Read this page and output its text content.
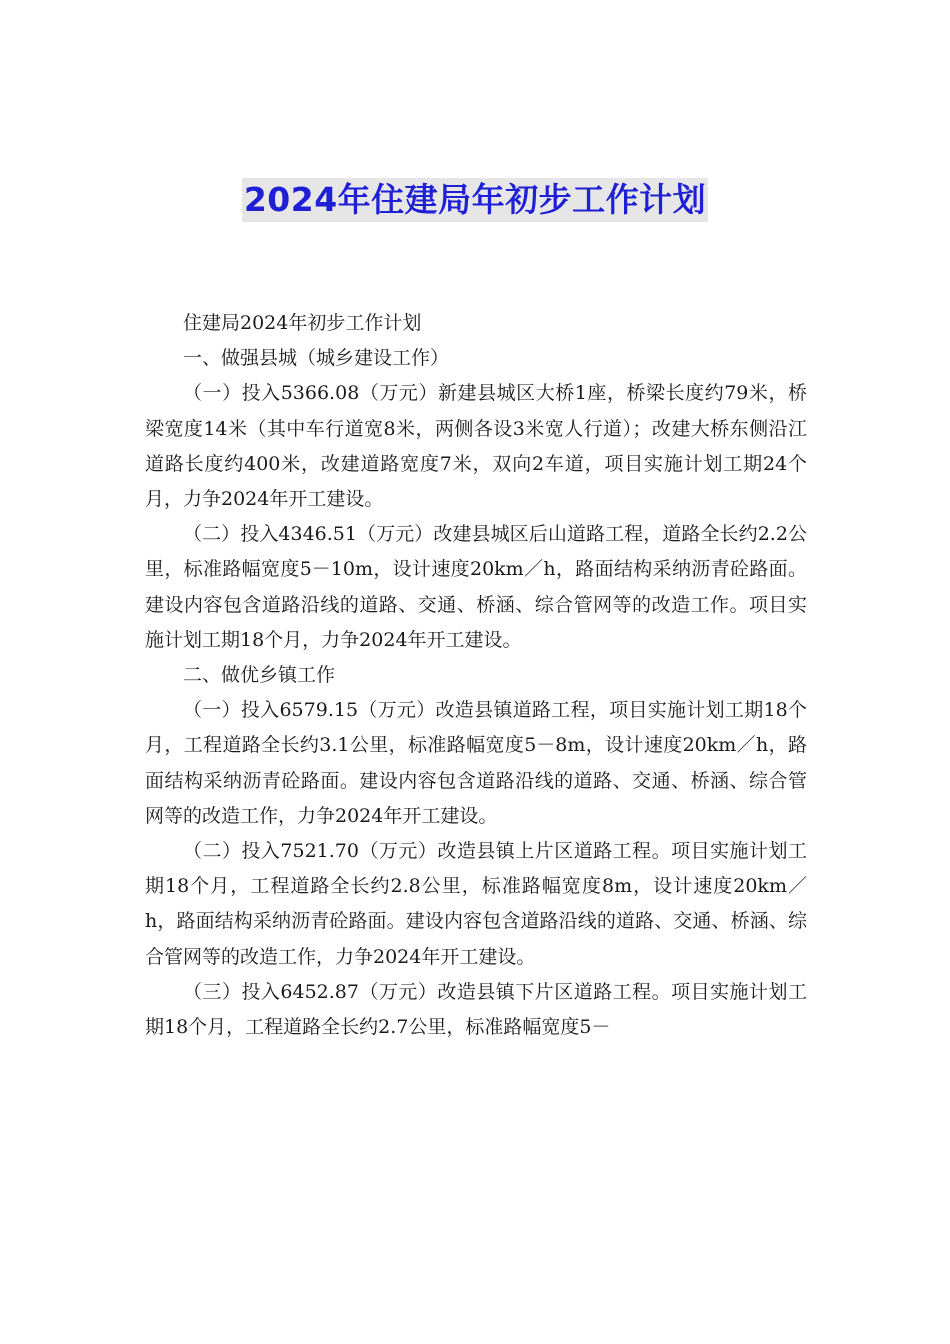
2024年住建局年初步工作计划

住建局2024年初步工作计划

一、做强县城（城乡建设工作）

（一）投入5366.08（万元）新建县城区大桥1座，桥梁长度约79米，桥梁宽度14米（其中车行道宽8米，两侧各设3米宽人行道）；改建大桥东侧沿江道路长度约400米，改建道路宽度7米，双向2车道，项目实施计划工期24个月，力争2024年开工建设。

（二）投入4346.51（万元）改建县城区后山道路工程，道路全长约2.2公里，标准路幅宽度5－10m，设计速度20km／h，路面结构采纳沥青砼路面。建设内容包含道路沿线的道路、交通、桥涵、综合管网等的改造工作。项目实施计划工期18个月，力争2024年开工建设。

二、做优乡镇工作

（一）投入6579.15（万元）改造县镇道路工程，项目实施计划工期18个月，工程道路全长约3.1公里，标准路幅宽度5－8m，设计速度20km／h，路面结构采纳沥青砼路面。建设内容包含道路沿线的道路、交通、桥涵、综合管网等的改造工作，力争2024年开工建设。

（二）投入7521.70（万元）改造县镇上片区道路工程。项目实施计划工期18个月，工程道路全长约2.8公里，标准路幅宽度8m，设计速度20km／h，路面结构采纳沥青砼路面。建设内容包含道路沿线的道路、交通、桥涵、综合管网等的改造工作，力争2024年开工建设。

（三）投入6452.87（万元）改造县镇下片区道路工程。项目实施计划工期18个月，工程道路全长约2.7公里，标准路幅宽度5－
